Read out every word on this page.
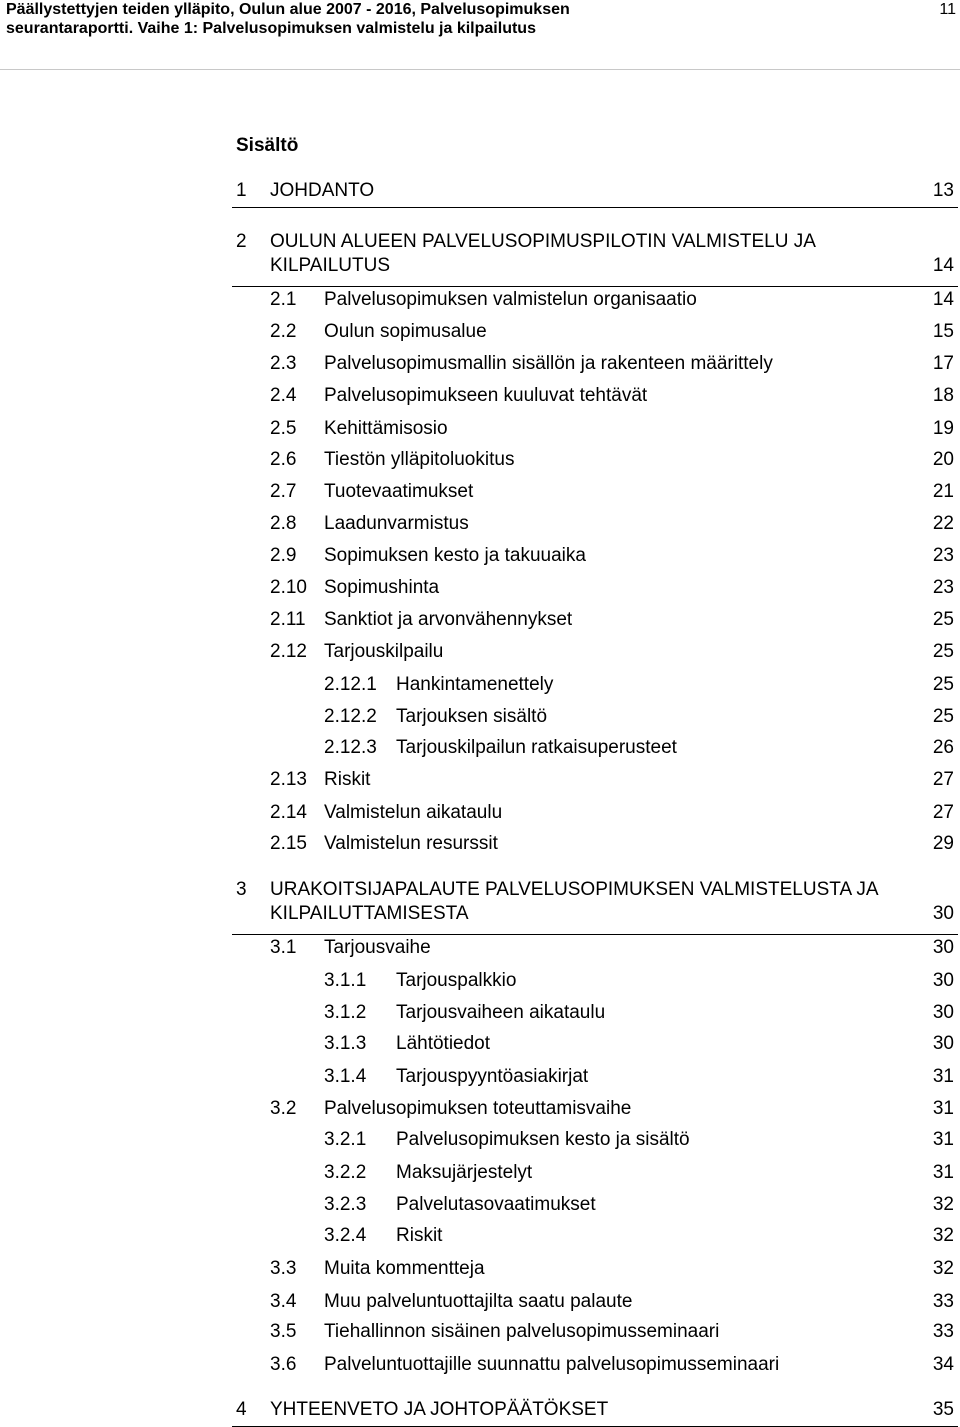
Päällystettyjen teiden ylläpito, Oulun alue 2007 - 2016, Palvelusopimuksen
seurantaraportti. Vaihe 1: Palvelusopimuksen valmistelu ja kilpailutus
11
Sisältö
1 JOHDANTO	13
2 OULUN ALUEEN PALVELUSOPIMUSPILOTIN VALMISTELU JA KILPAILUTUS	14
2.1 Palvelusopimuksen valmistelun organisaatio	14
2.2 Oulun sopimusalue	15
2.3 Palvelusopimusmallin sisällön ja rakenteen määrittely	17
2.4 Palvelusopimukseen kuuluvat tehtävät	18
2.5 Kehittämisosio	19
2.6 Tiestön ylläpitoluokitus	20
2.7 Tuotevaatimukset	21
2.8 Laadunvarmistus	22
2.9 Sopimuksen kesto ja takuuaika	23
2.10 Sopimushinta	23
2.11 Sanktiot ja arvonvähennykset	25
2.12 Tarjouskilpailu	25
2.12.1 Hankintamenettely	25
2.12.2 Tarjouksen sisältö	25
2.12.3 Tarjouskilpailun ratkaisuperusteet	26
2.13 Riskit	27
2.14 Valmistelun aikataulu	27
2.15 Valmistelun resurssit	29
3 URAKOITSIJAPALAUTE PALVELUSOPIMUKSEN VALMISTELUSTA JA KILPAILUTTAMISESTA	30
3.1 Tarjousvaihe	30
3.1.1 Tarjouspalkkio	30
3.1.2 Tarjousvaiheen aikataulu	30
3.1.3 Lähtötiedot	30
3.1.4 Tarjouspyyntöasiakirjat	31
3.2 Palvelusopimuksen toteuttamisvaihe	31
3.2.1 Palvelusopimuksen kesto ja sisältö	31
3.2.2 Maksujärjestelyt	31
3.2.3 Palvelutasovaatimukset	32
3.2.4 Riskit	32
3.3 Muita kommentteja	32
3.4 Muu palveluntuottajilta saatu palaute	33
3.5 Tiehallinnon sisäinen palvelusopimusseminaari	33
3.6 Palveluntuottajille suunnattu palvelusopimusseminaari	34
4 YHTEENVETO JA JOHTOPÄÄTÖKSET	35
